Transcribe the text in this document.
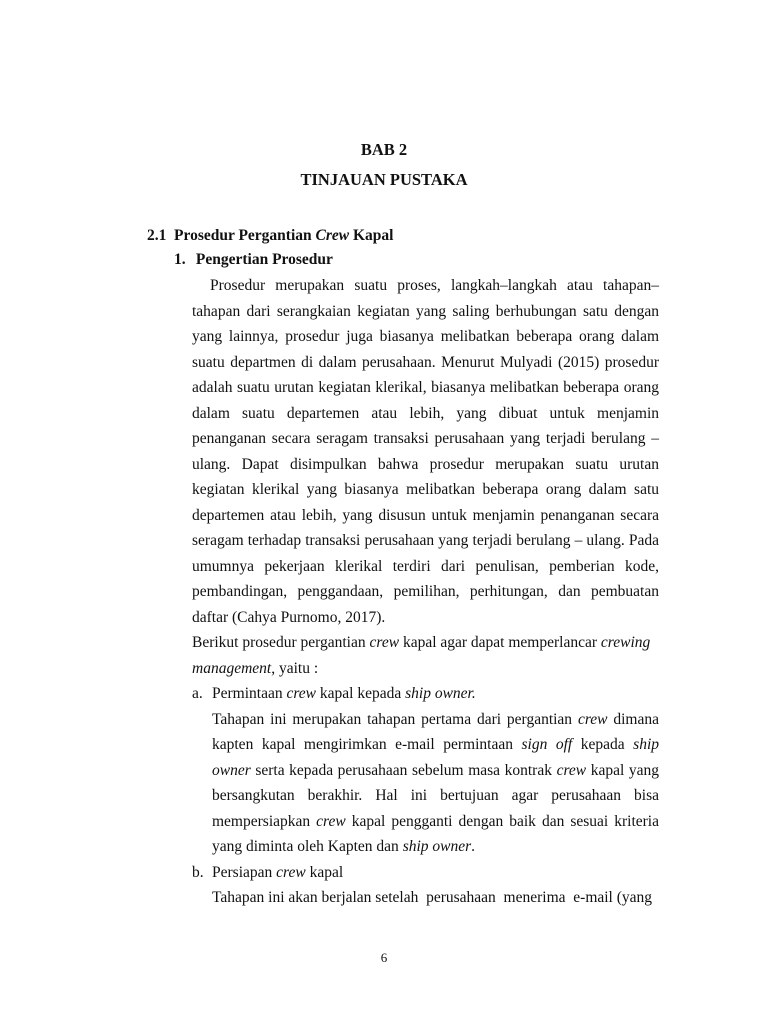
BAB 2
TINJAUAN PUSTAKA
2.1 Prosedur Pergantian Crew Kapal
1. Pengertian Prosedur

Prosedur merupakan suatu proses, langkah–langkah atau tahapan–tahapan dari serangkaian kegiatan yang saling berhubungan satu dengan yang lainnya, prosedur juga biasanya melibatkan beberapa orang dalam suatu departmen di dalam perusahaan. Menurut Mulyadi (2015) prosedur adalah suatu urutan kegiatan klerikal, biasanya melibatkan beberapa orang dalam suatu departemen atau lebih, yang dibuat untuk menjamin penanganan secara seragam transaksi perusahaan yang terjadi berulang – ulang. Dapat disimpulkan bahwa prosedur merupakan suatu urutan kegiatan klerikal yang biasanya melibatkan beberapa orang dalam satu departemen atau lebih, yang disusun untuk menjamin penanganan secara seragam terhadap transaksi perusahaan yang terjadi berulang – ulang. Pada umumnya pekerjaan klerikal terdiri dari penulisan, pemberian kode, pembandingan, penggandaan, pemilihan, perhitungan, dan pembuatan daftar (Cahya Purnomo, 2017).

Berikut prosedur pergantian crew kapal agar dapat memperlancar crewing management, yaitu :

a. Permintaan crew kapal kepada ship owner.

Tahapan ini merupakan tahapan pertama dari pergantian crew dimana kapten kapal mengirimkan e-mail permintaan sign off kepada ship owner serta kepada perusahaan sebelum masa kontrak crew kapal yang bersangkutan berakhir. Hal ini bertujuan agar perusahaan bisa mempersiapkan crew kapal pengganti dengan baik dan sesuai kriteria yang diminta oleh Kapten dan ship owner.

b. Persiapan crew kapal

Tahapan ini akan berjalan setelah  perusahaan  menerima  e-mail (yang

6
